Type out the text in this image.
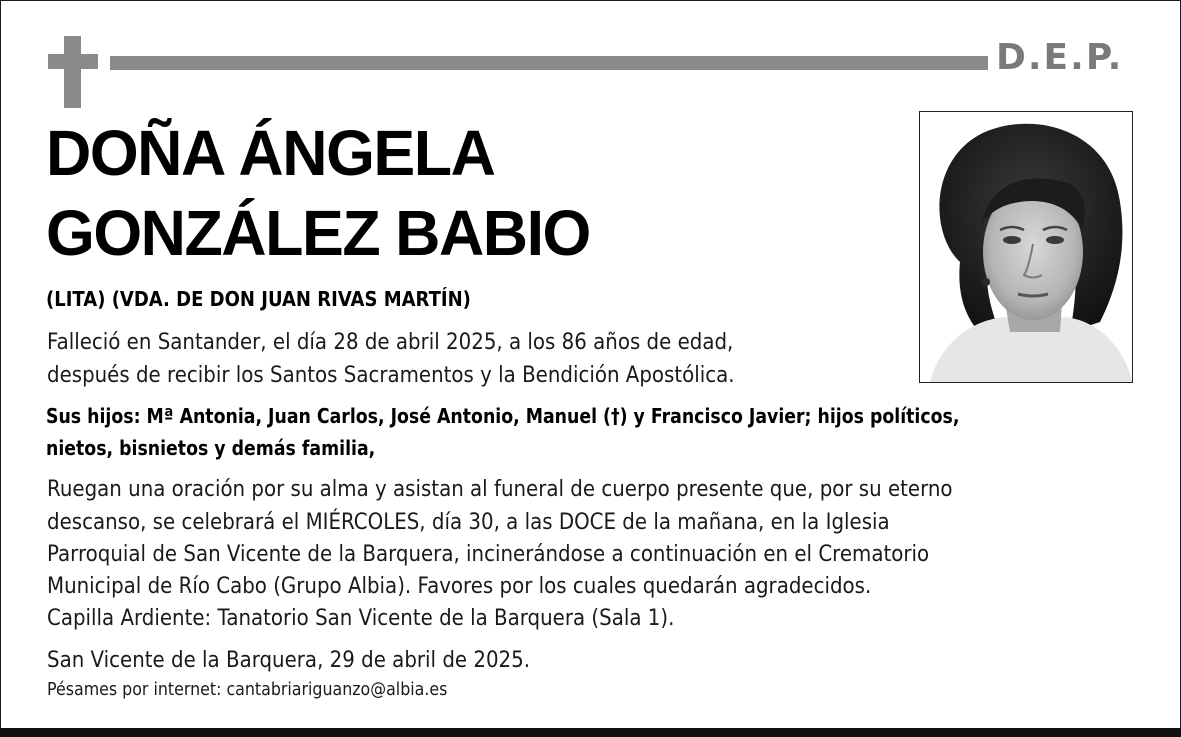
D.E.P.
DOÑA ÁNGELA
GONZÁLEZ BABIO
(LITA) (VDA. DE DON JUAN RIVAS MARTÍN)
Falleció en Santander, el día 28 de abril 2025, a los 86 años de edad,
después de recibir los Santos Sacramentos y la Bendición Apostólica.
Sus hijos: Mª Antonia, Juan Carlos, José Antonio, Manuel (†) y Francisco Javier; hijos políticos,
nietos, bisnietos y demás familia,
Ruegan una oración por su alma y asistan al funeral de cuerpo presente que, por su eterno
descanso, se celebrará el MIÉRCOLES, día 30, a las DOCE de la mañana, en la Iglesia
Parroquial de San Vicente de la Barquera, incinerándose a continuación en el Crematorio
Municipal de Río Cabo (Grupo Albia). Favores por los cuales quedarán agradecidos.
Capilla Ardiente: Tanatorio San Vicente de la Barquera (Sala 1).
San Vicente de la Barquera, 29 de abril de 2025.
Pésames por internet: cantabriariguanzo@albia.es
